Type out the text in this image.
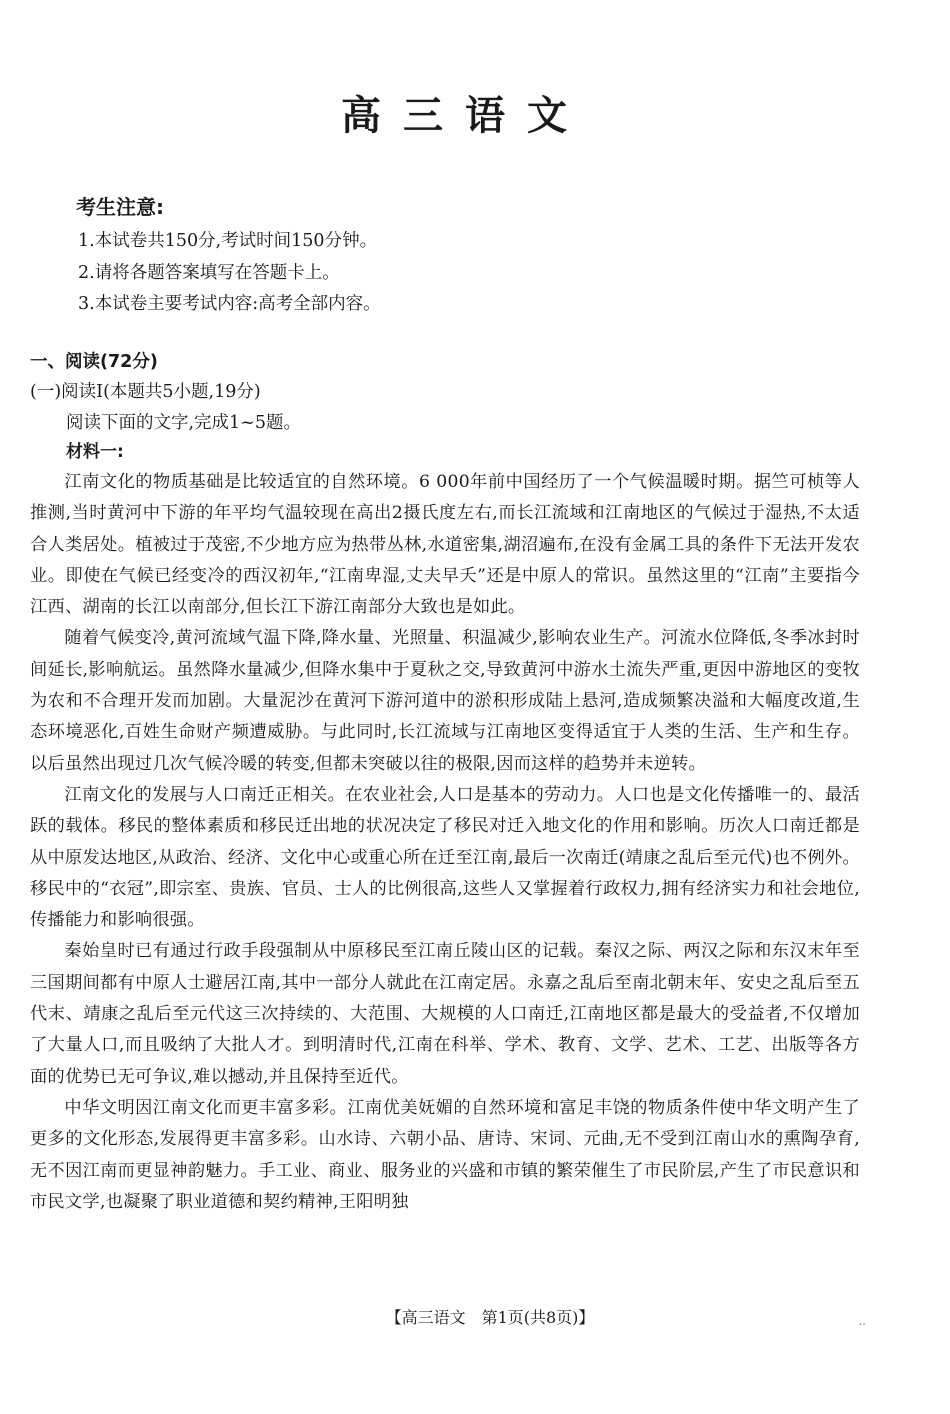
高三语文
考生注意:
1.本试卷共150分,考试时间150分钟。
2.请将各题答案填写在答题卡上。
3.本试卷主要考试内容:高考全部内容。
一、阅读(72分)
(一)阅读Ⅰ(本题共5小题,19分)
阅读下面的文字,完成1~5题。
材料一:

江南文化的物质基础是比较适宜的自然环境。6 000年前中国经历了一个气候温暖时期。据竺可桢等人推测,当时黄河中下游的年平均气温较现在高出2摄氏度左右,而长江流域和江南地区的气候过于湿热,不太适合人类居处。植被过于茂密,不少地方应为热带丛林,水道密集,湖沼遍布,在没有金属工具的条件下无法开发农业。即使在气候已经变冷的西汉初年,“江南卑湿,丈夫早夭”还是中原人的常识。虽然这里的“江南”主要指今江西、湖南的长江以南部分,但长江下游江南部分大致也是如此。

随着气候变冷,黄河流域气温下降,降水量、光照量、积温减少,影响农业生产。河流水位降低,冬季冰封时间延长,影响航运。虽然降水量减少,但降水集中于夏秋之交,导致黄河中游水土流失严重,更因中游地区的变牧为农和不合理开发而加剧。大量泥沙在黄河下游河道中的淤积形成陆上悬河,造成频繁决溢和大幅度改道,生态环境恶化,百姓生命财产频遭威胁。与此同时,长江流域与江南地区变得适宜于人类的生活、生产和生存。以后虽然出现过几次气候冷暖的转变,但都未突破以往的极限,因而这样的趋势并未逆转。

江南文化的发展与人口南迁正相关。在农业社会,人口是基本的劳动力。人口也是文化传播唯一的、最活跃的载体。移民的整体素质和移民迁出地的状况决定了移民对迁入地文化的作用和影响。历次人口南迁都是从中原发达地区,从政治、经济、文化中心或重心所在迁至江南,最后一次南迁(靖康之乱后至元代)也不例外。移民中的“衣冠”,即宗室、贵族、官员、士人的比例很高,这些人又掌握着行政权力,拥有经济实力和社会地位,传播能力和影响很强。

秦始皇时已有通过行政手段强制从中原移民至江南丘陵山区的记载。秦汉之际、两汉之际和东汉末年至三国期间都有中原人士避居江南,其中一部分人就此在江南定居。永嘉之乱后至南北朝末年、安史之乱后至五代末、靖康之乱后至元代这三次持续的、大范围、大规模的人口南迁,江南地区都是最大的受益者,不仅增加了大量人口,而且吸纳了大批人才。到明清时代,江南在科举、学术、教育、文学、艺术、工艺、出版等各方面的优势已无可争议,难以撼动,并且保持至近代。

中华文明因江南文化而更丰富多彩。江南优美妩媚的自然环境和富足丰饶的物质条件使中华文明产生了更多的文化形态,发展得更丰富多彩。山水诗、六朝小品、唐诗、宋词、元曲,无不受到江南山水的熏陶孕育,无不因江南而更显神韵魅力。手工业、商业、服务业的兴盛和市镇的繁荣催生了市民阶层,产生了市民意识和市民文学,也凝聚了职业道德和契约精神,王阳明独

【高三语文　第1页(共8页)】	..
